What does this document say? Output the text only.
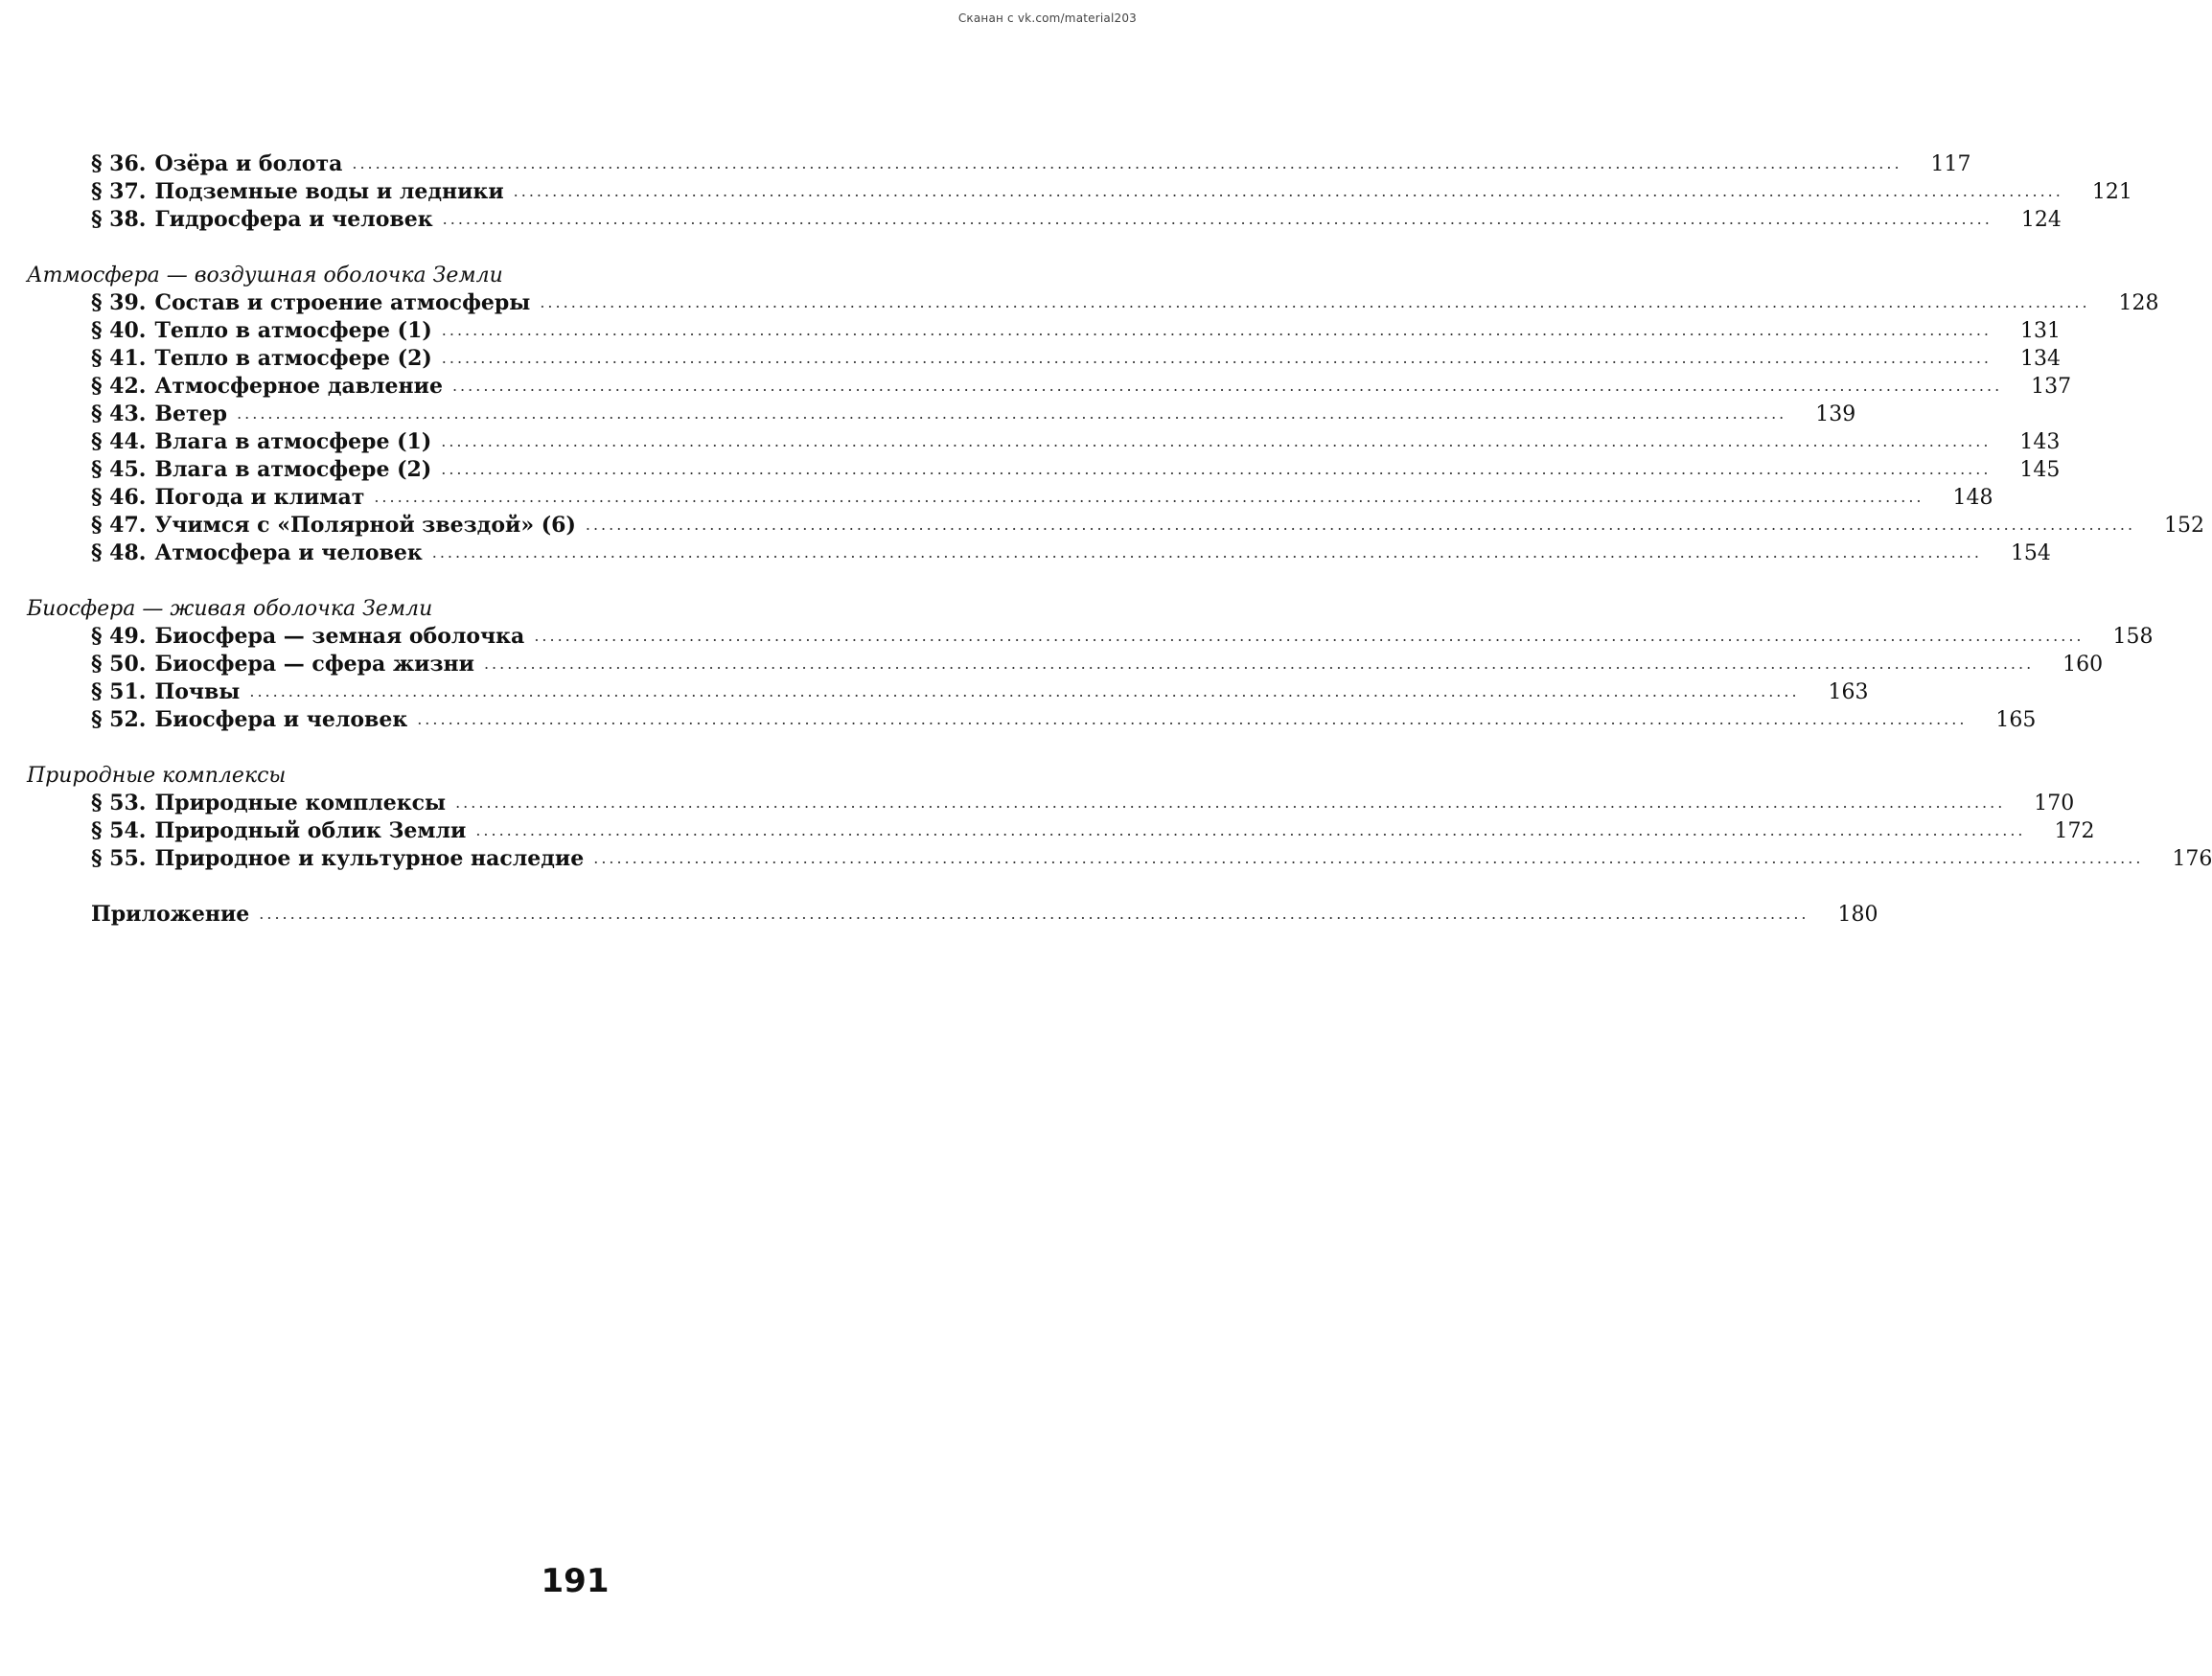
Сканан с vk.com/material203
§ 36. Озёра и болота ........................................................................................................................................................................................................	117
§ 37. Подземные воды и ледники ........................................................................................................................................................................................................	121
§ 38. Гидросфера и человек ........................................................................................................................................................................................................	124
Атмосфера — воздушная оболочка Земли
§ 39. Состав и строение атмосферы ........................................................................................................................................................................................................	128
§ 40. Тепло в атмосфере (1) ........................................................................................................................................................................................................	131
§ 41. Тепло в атмосфере (2) ........................................................................................................................................................................................................	134
§ 42. Атмосферное давление ........................................................................................................................................................................................................	137
§ 43. Ветер ........................................................................................................................................................................................................	139
§ 44. Влага в атмосфере (1) ........................................................................................................................................................................................................	143
§ 45. Влага в атмосфере (2) ........................................................................................................................................................................................................	145
§ 46. Погода и климат ........................................................................................................................................................................................................	148
§ 47. Учимся с «Полярной звездой» (6) ........................................................................................................................................................................................................	152
§ 48. Атмосфера и человек ........................................................................................................................................................................................................	154
Биосфера — живая оболочка Земли
§ 49. Биосфера — земная оболочка ........................................................................................................................................................................................................	158
§ 50. Биосфера — сфера жизни ........................................................................................................................................................................................................	160
§ 51. Почвы ........................................................................................................................................................................................................	163
§ 52. Биосфера и человек ........................................................................................................................................................................................................	165
Природные комплексы
§ 53. Природные комплексы ........................................................................................................................................................................................................	170
§ 54. Природный облик Земли ........................................................................................................................................................................................................	172
§ 55. Природное и культурное наследие ........................................................................................................................................................................................................	176
Приложение ........................................................................................................................................................................................................	180
191
